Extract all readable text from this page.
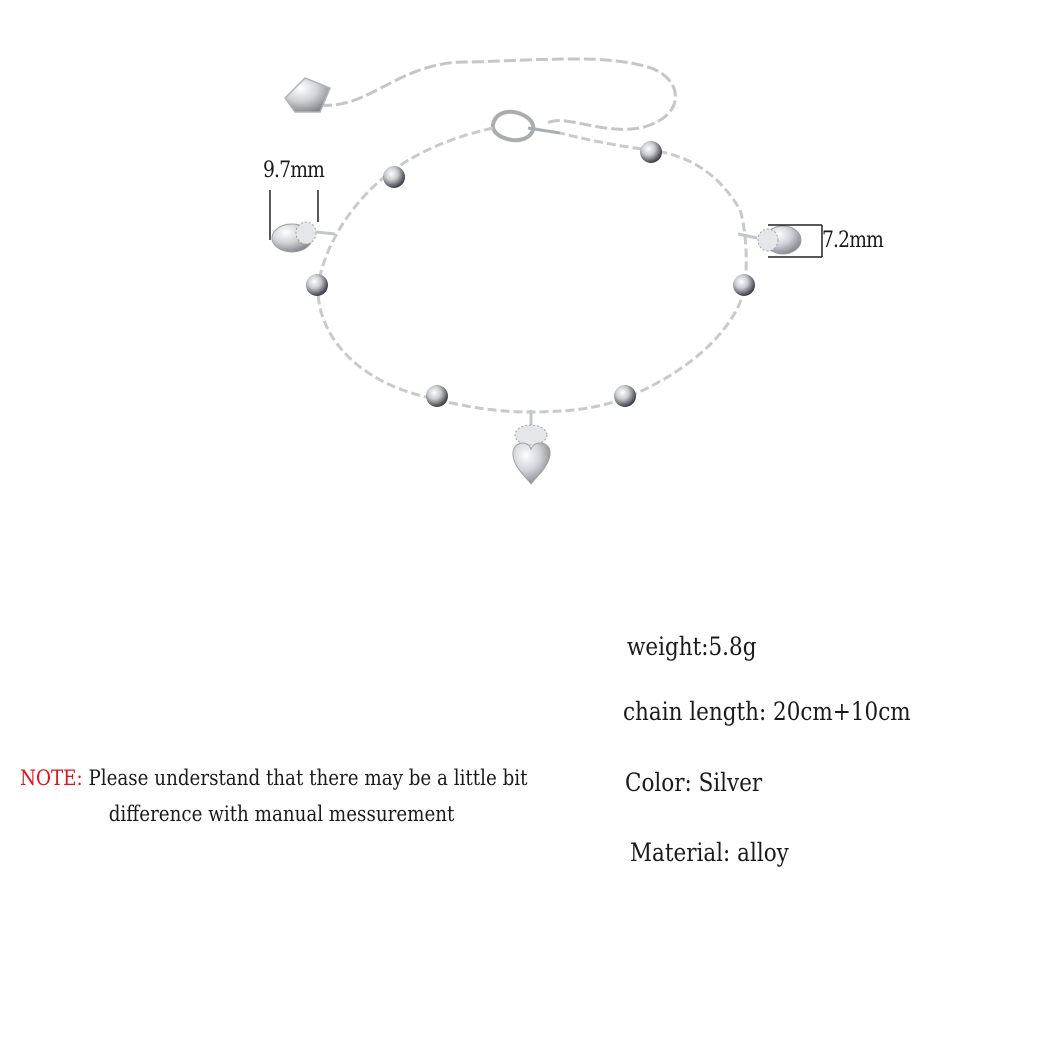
9.7mm
7.2mm
weight:5.8g
chain length: 20cm+10cm
Color: Silver
Material: alloy
NOTE: Please understand that there may be a little bit
difference with manual messurement
